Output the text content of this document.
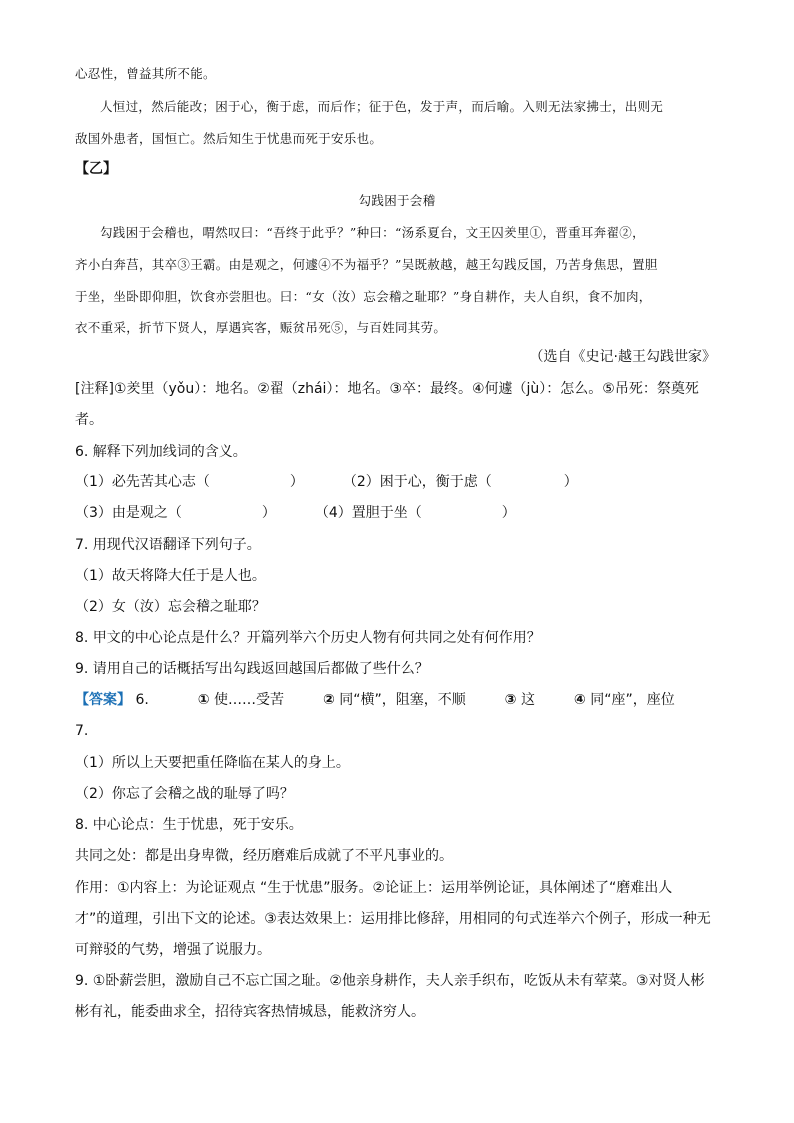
心忍性，曾益其所不能。
人恒过，然后能改；困于心，衡于虑，而后作；征于色，发于声，而后喻。入则无法家拂士，出则无
敌国外患者，国恒亡。然后知生于忧患而死于安乐也。
【乙】
勾践困于会稽
勾践困于会稽也，喟然叹曰：“吾终于此乎？”种曰：“汤系夏台，文王囚羑里①，晋重耳奔翟②，
齐小白奔莒，其卒③王霸。由是观之，何遽④不为福乎？”吴既赦越，越王勾践反国，乃苦身焦思，置胆
于坐，坐卧即仰胆，饮食亦尝胆也。曰：“女（汝）忘会稽之耻耶？”身自耕作，夫人自织，食不加肉，
衣不重采，折节下贤人，厚遇宾客，赈贫吊死⑤，与百姓同其劳。
（选自《史记·越王勾践世家》
[注释]①羑里（yǒu）：地名。②翟（zhái）：地名。③卒：最终。④何遽（jù）：怎么。⑤吊死：祭奠死
者。
6. 解释下列加线词的含义。
（1）必先苦其心志（	）	（2）困于心，衡于虑（	）
（3）由是观之（	）	（4）置胆于坐（	）
7. 用现代汉语翻译下列句子。
（1）故天将降大任于是人也。
（2）女（汝）忘会稽之耻耶？
8. 甲文的中心论点是什么？开篇列举六个历史人物有何共同之处有何作用？
9. 请用自己的话概括写出勾践返回越国后都做了些什么？
【答案】 6.	① 使……受苦	② 同“横”，阻塞，不顺	③ 这	④ 同“座”，座位
7.
（1）所以上天要把重任降临在某人的身上。
（2）你忘了会稽之战的耻辱了吗？
8. 中心论点：生于忧患，死于安乐。
共同之处：都是出身卑微，经历磨难后成就了不平凡事业的。
作用：①内容上：为论证观点 “生于忧患”服务。②论证上：运用举例论证，具体阐述了“磨难出人
才”的道理，引出下文的论述。③表达效果上：运用排比修辞，用相同的句式连举六个例子，形成一种无
可辩驳的气势，增强了说服力。
9. ①卧薪尝胆，激励自己不忘亡国之耻。②他亲身耕作，夫人亲手织布，吃饭从未有荤菜。③对贤人彬
彬有礼，能委曲求全，招待宾客热情城恳，能救济穷人。
